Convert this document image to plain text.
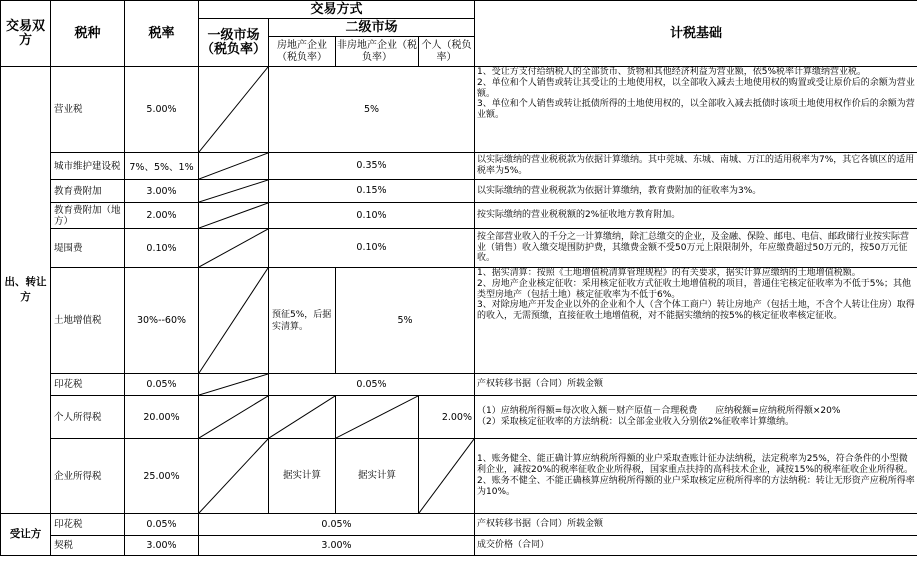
交易双方	税种	税率	交易方式				计税基础
			一级市场（税负率）	二级市场			
				房地产企业（税负率）	非房地产企业（税负率）	个人（税负率）	
出、转让方	营业税	5.00%		5%			1、受让方支付给纳税人的全部货币、货物和其他经济利益为营业额，依5%税率计算缴纳营业税。
2、单位和个人销售或转让其受让的土地使用权，以全部收入减去土地使用权的购置或受让原价后的余额为营业额。
3、单位和个人销售或转让抵债所得的土地使用权的，以全部收入减去抵债时该项土地使用权作价后的余额为营业额。

	城市维护建设税	7%、5%、1%		0.35%			以实际缴纳的营业税税款为依据计算缴纳。其中莞城、东城、南城、万江的适用税率为7%，其它各镇区的适用税率为5%。
	教育费附加	3.00%		0.15%			以实际缴纳的营业税税款为依据计算缴纳，教育费附加的征收率为3%。
	教育费附加（地方）	2.00%		0.10%			按实际缴纳的营业税税额的2%征收地方教育附加。
	堤围费	0.10%		0.10%			按全部营业收入的千分之一计算缴纳，除汇总缴交的企业，及金融、保险、邮电、电信、邮政储行业按实际营业（销售）收入缴交堤围防护费，其缴费金额不受50万元上限限制外，年应缴费超过50万元的，按50万元征收。
	土地增值税	30%--60%		预征5%，后据实清算。	5%		1、据实清算：按照《土地增值税清算管理规程》的有关要求，据实计算应缴纳的土地增值税额。
2、房地产企业核定征收：采用核定征收方式征收土地增值税的项目，普通住宅核定征收率为不低于5%；其他类型房地产（包括土地）核定征收率为不低于6%。
3、对除房地产开发企业以外的企业和个人（含个体工商户）转让房地产（包括土地，不含个人转让住房）取得的收入，无需预缴，直接征收土地增值税，对不能据实缴纳的按5%的核定征收率核定征收。

	印花税	0.05%		0.05%			产权转移书据（合同）所载金额
	个人所得税	20.00%				2.00%	（1）应纳税所得额=每次收入额－财产原值－合理税费　　应纳税额=应纳税所得额×20%
（2）采取核定征收率的方法纳税：以全部金业收入分别依2%征收率计算缴纳。

	企业所得税	25.00%		据实计算	据实计算		1、账务健全、能正确计算应纳税所得额的业户采取查账计征办法纳税，法定税率为25%，符合条件的小型微利企业，减按20%的税率征收企业所得税，国家重点扶持的高科技术企业，减按15%的税率征收企业所得税。
2、账务不健全、不能正确核算应纳税所得额的业户采取核定应税所得率的方法纳税：转让无形资产应税所得率为10%。

受让方	印花税	0.05%	0.05%				产权转移书据（合同）所载金额
	契税	3.00%	3.00%				成交价格（合同）
